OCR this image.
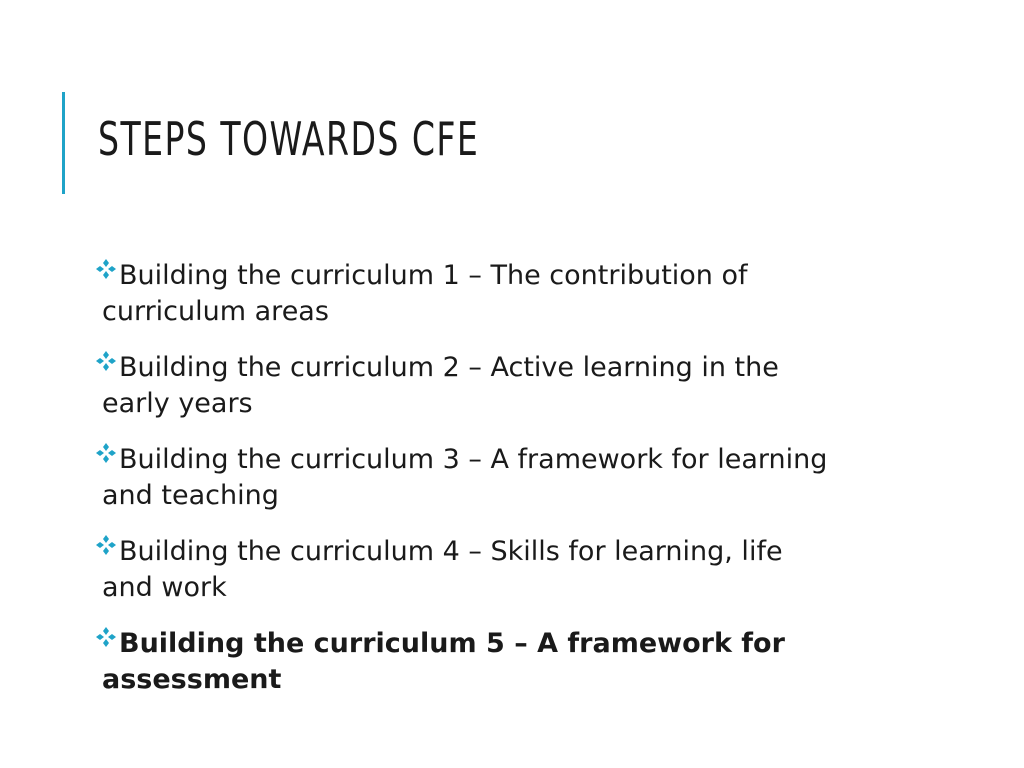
STEPS TOWARDS CFE
Building the curriculum 1 – The contribution of
curriculum areas
Building the curriculum 2 – Active learning in the
early years
Building the curriculum 3 – A framework for learning
and teaching
Building the curriculum 4 – Skills for learning, life
and work
Building the curriculum 5 – A framework for
assessment
